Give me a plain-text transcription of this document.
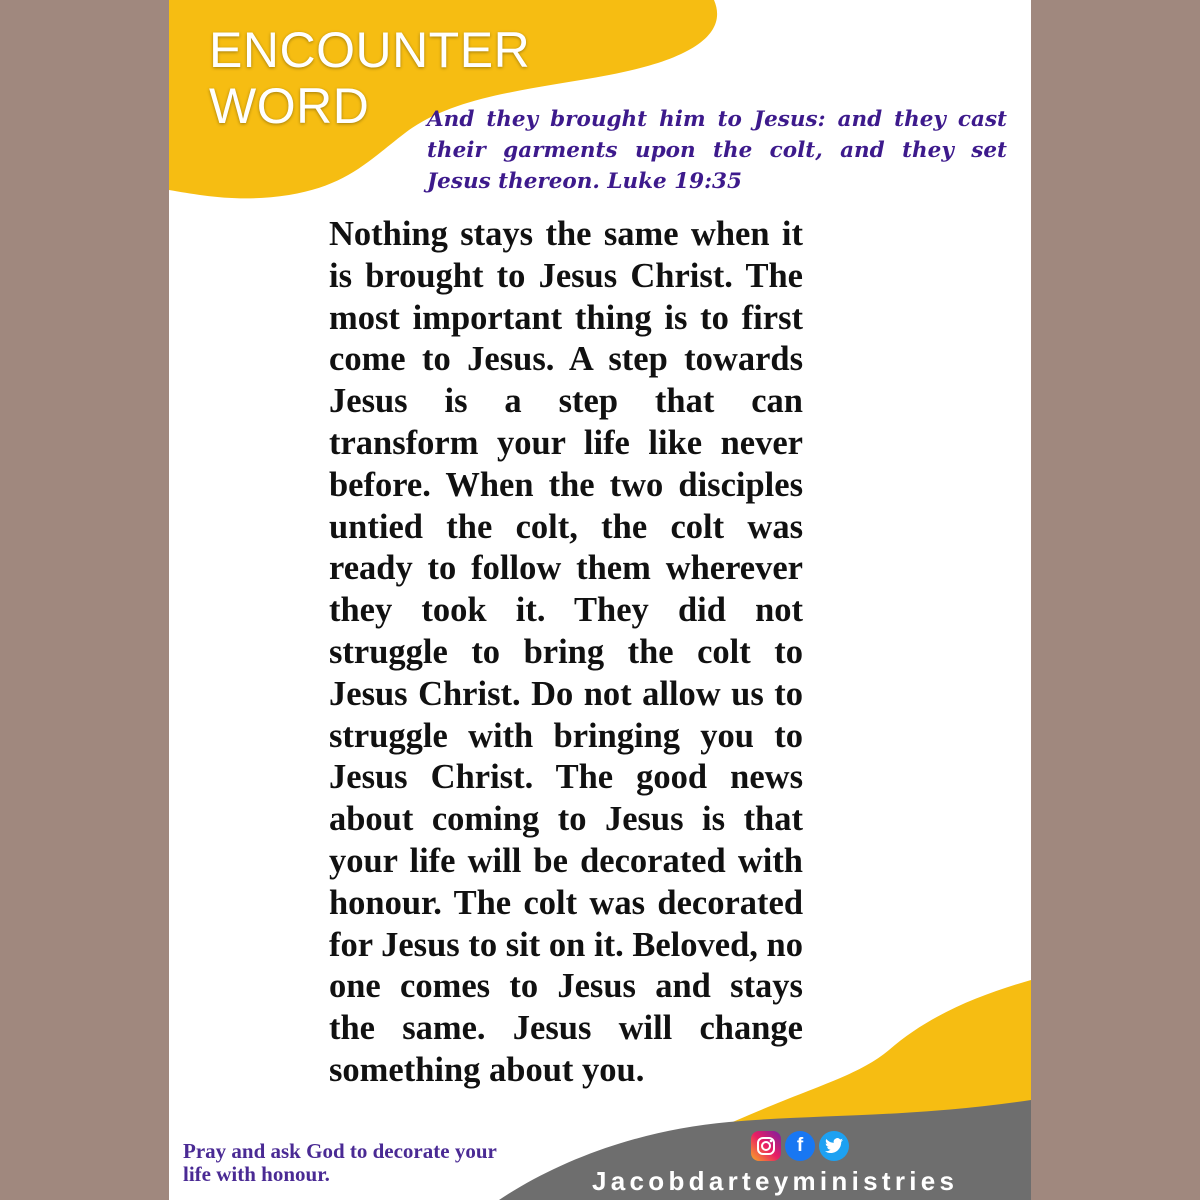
ENCOUNTER
WORD	And they brought him to Jesus: and they cast their garments upon the colt, and they set Jesus thereon. Luke 19:35

Nothing stays the same when it is brought to Jesus Christ. The most important thing is to first come to Jesus. A step towards Jesus is a step that can transform your life like never before. When the two disciples untied the colt, the colt was ready to follow them wherever they took it. They did not struggle to bring the colt to Jesus Christ. Do not allow us to struggle with bringing you to Jesus Christ. The good news about coming to Jesus is that your life will be decorated with honour. The colt was decorated for Jesus to sit on it. Beloved, no one comes to Jesus and stays the same. Jesus will change something about you.

Pray and ask God to decorate your life with honour.

f

Jacobdarteyministries
